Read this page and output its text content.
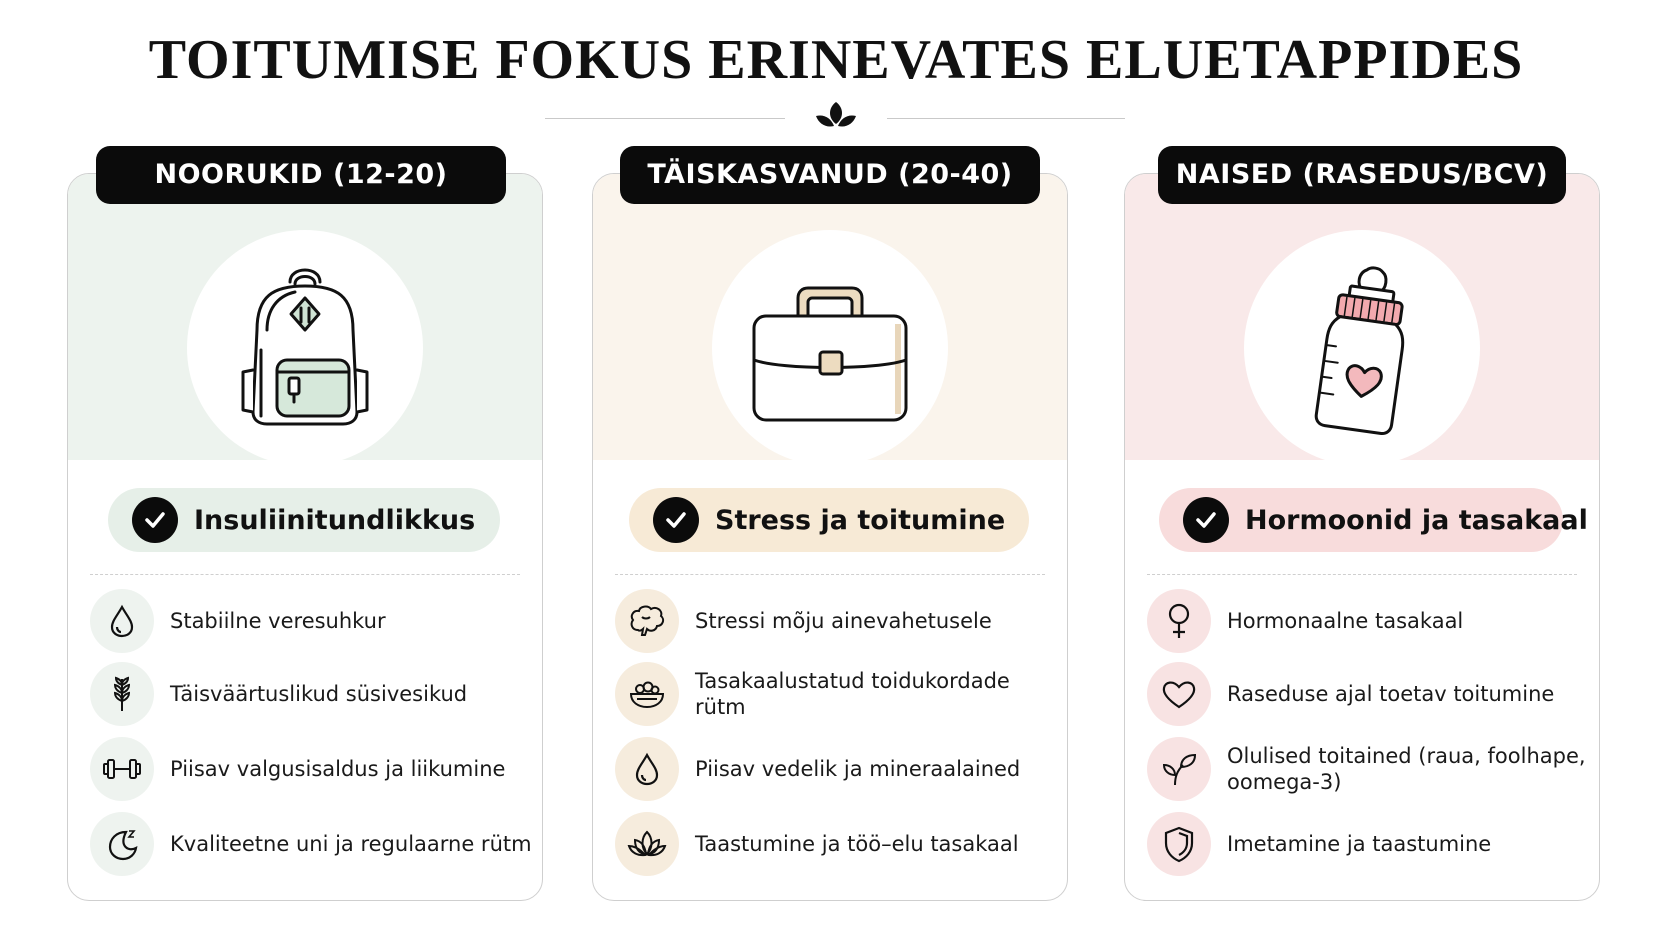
TOITUMISE FOKUS ERINEVATES ELUETAPPIDES
NOORUKID (12-20)	TÄISKASVANUD (20-40)	NAISED (RASEDUS/BCV)
Insuliinitundlikkus
Stabiilne veresuhkur
Täisväärtuslikud süsivesikud
Piisav valgusisaldus ja liikumine
Kvaliteetne uni ja regulaarne rütm
Stress ja toitumine
Stressi mõju ainevahetusele
Tasakaalustatud toidukordade rütm
Piisav vedelik ja mineraalained
Taastumine ja töö–elu tasakaal
Hormoonid ja tasakaal
Hormonaalne tasakaal
Raseduse ajal toetav toitumine
Olulised toitained (raua, foolhape, oomega-3)
Imetamine ja taastumine
